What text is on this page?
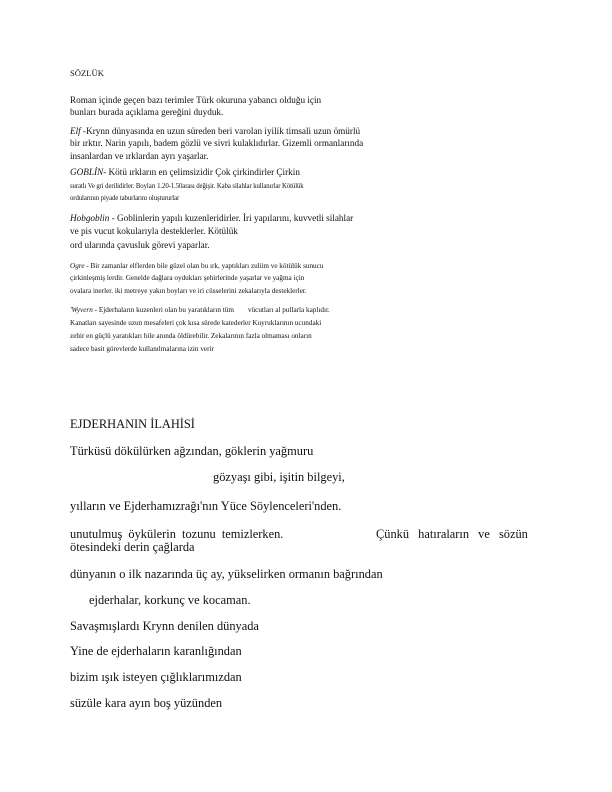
SÖZLÜK
Roman içinde geçen bazı terimler Türk okuruna yabancı olduğu için
bunları burada açıklama gereğini duyduk.
Elf -Krynn dünyasında en uzun süreden beri varolan iyilik timsali uzun ömürlü
bir ırktır. Narin yapılı, badem gözlü ve sivri kulaklıdırlar. Gizemli ormanlarında
insanlardan ve ırklardan ayrı yaşarlar.
GOBLİN- Kötü ırkların en çelimsizidir Çok çirkindirler Çirkin
suratlı Ve gri derilidirler. Boyları 1.20-1.50arası değişir. Kaba silahlar kullanırlar Kötülük
ordularının piyade taburlarını oluştururlar
Hobgoblin - Goblinlerin yapılı kuzenleridirler. İri yapılarını, kuvvetli silahlar
ve pis vucut kokularıyla desteklerler. Kötülük
ord ularında çavusluk görevi yaparlar.
Ogre - Bir zamanlar elflerden bile güzel olan bu ırk, yaptıkları zulüm ve kötülük sunucu
çirkinleşmiş lerdir. Genelde dağlara oydukları şehirlerinde yaşarlar ve yağma için
ovalara inerler. iki metreye yakın boyları ve iri cüsselerini zekalarıyla desteklerler.
'Wyvern - Ejderhaların kuzenleri olan bu yaratıkların tüm vücutları al pullarla kaplıdır.
Kanatları sayesinde uzun mesafeleri çok kısa sürede katederler Kuyruklarının ucundaki
zehir en güçlü yaratıkları bile anında öldürebilir. Zekalarının fazla olmaması onların
sadece basit görevlerde kullanılmalarına izin verir
EJDERHANIN İLAHİSİ
Türküsü dökülürken ağzından, göklerin yağmuru
gözyaşı gibi, işitin bilgeyi,
yılların ve Ejderhamızrağı'nın Yüce Söylenceleri'nden.
unutulmuş öykülerin tozunu temizlerken.	Çünkü hatıraların ve sözün
ötesindeki derin çağlarda
dünyanın o ilk nazarında üç ay, yükselirken ormanın bağrından
ejderhalar, korkunç ve kocaman.
Savaşmışlardı Krynn denilen dünyada
Yine de ejderhaların karanlığından
bizim ışık isteyen çığlıklarımızdan
süzüle kara ayın boş yüzünden
